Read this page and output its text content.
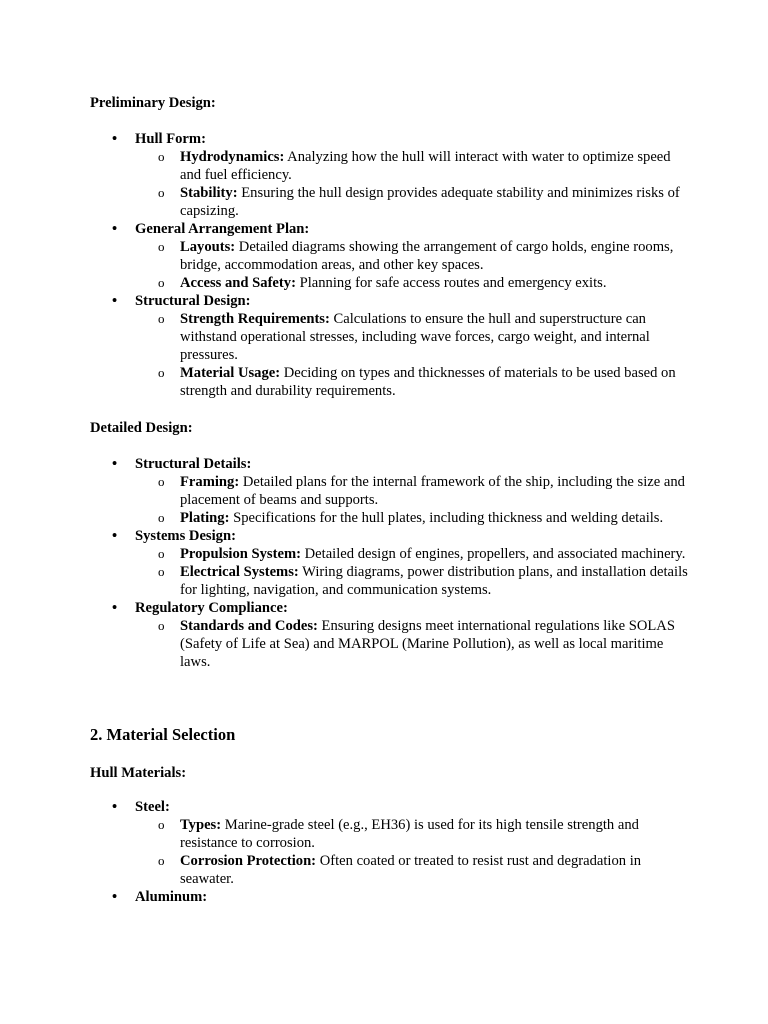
Preliminary Design:

• Hull Form:
o Hydrodynamics: Analyzing how the hull will interact with water to optimize speed and fuel efficiency.
o Stability: Ensuring the hull design provides adequate stability and minimizes risks of capsizing.
• General Arrangement Plan:
o Layouts: Detailed diagrams showing the arrangement of cargo holds, engine rooms, bridge, accommodation areas, and other key spaces.
o Access and Safety: Planning for safe access routes and emergency exits.
• Structural Design:
o Strength Requirements: Calculations to ensure the hull and superstructure can withstand operational stresses, including wave forces, cargo weight, and internal pressures.
o Material Usage: Deciding on types and thicknesses of materials to be used based on strength and durability requirements.

Detailed Design:

• Structural Details:
o Framing: Detailed plans for the internal framework of the ship, including the size and placement of beams and supports.
o Plating: Specifications for the hull plates, including thickness and welding details.
• Systems Design:
o Propulsion System: Detailed design of engines, propellers, and associated machinery.
o Electrical Systems: Wiring diagrams, power distribution plans, and installation details for lighting, navigation, and communication systems.
• Regulatory Compliance:
o Standards and Codes: Ensuring designs meet international regulations like SOLAS (Safety of Life at Sea) and MARPOL (Marine Pollution), as well as local maritime laws.

2. Material Selection

Hull Materials:

• Steel:
o Types: Marine-grade steel (e.g., EH36) is used for its high tensile strength and resistance to corrosion.
o Corrosion Protection: Often coated or treated to resist rust and degradation in seawater.
• Aluminum:
